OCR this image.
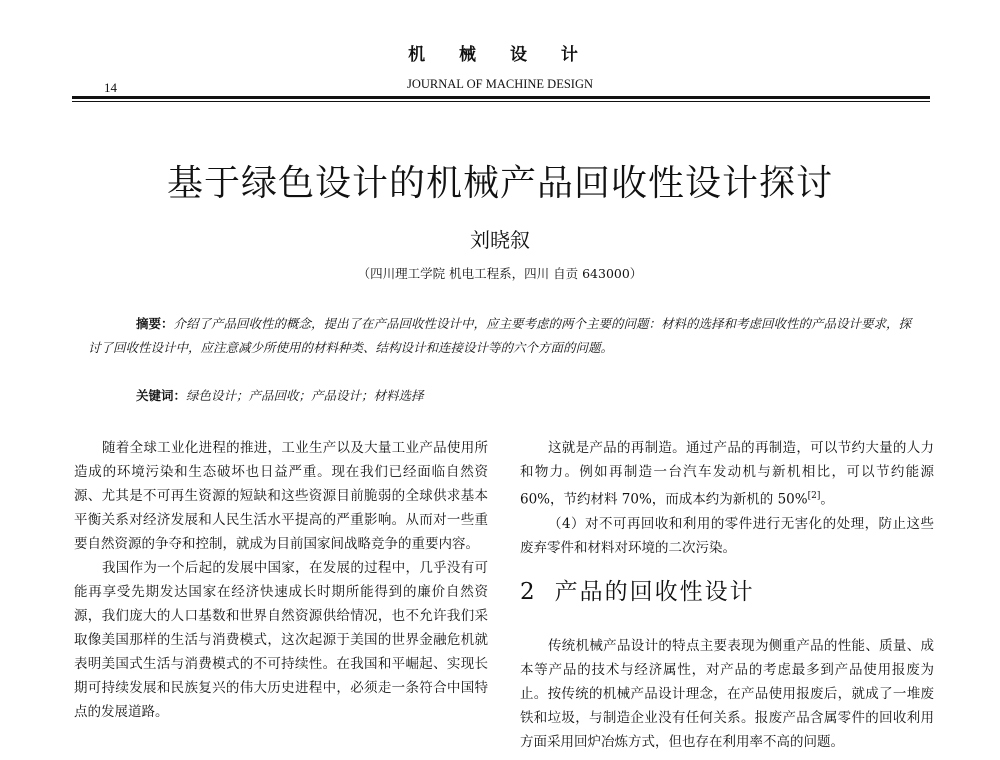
机 械 设 计
14	JOURNAL OF MACHINE DESIGN
基于绿色设计的机械产品回收性设计探讨
刘晓叙
（四川理工学院 机电工程系，四川 自贡 643000）

摘要：介绍了产品回收性的概念，提出了在产品回收性设计中，应主要考虑的两个主要的问题：材料的选择和考虑回收性的产品设计要求，探讨了回收性设计中，应注意减少所使用的材料种类、结构设计和连接设计等的六个方面的问题。

关键词：绿色设计；产品回收；产品设计；材料选择

随着全球工业化进程的推进，工业生产以及大量工业产品使用所造成的环境污染和生态破坏也日益严重。现在我们已经面临自然资源、尤其是不可再生资源的短缺和这些资源目前脆弱的全球供求基本平衡关系对经济发展和人民生活水平提高的严重影响。从而对一些重要自然资源的争夺和控制，就成为目前国家间战略竞争的重要内容。

我国作为一个后起的发展中国家，在发展的过程中，几乎没有可能再享受先期发达国家在经济快速成长时期所能得到的廉价自然资源，我们庞大的人口基数和世界自然资源供给情况，也不允许我们采取像美国那样的生活与消费模式，这次起源于美国的世界金融危机就表明美国式生活与消费模式的不可持续性。在我国和平崛起、实现长期可持续发展和民族复兴的伟大历史进程中，必须走一条符合中国特点的发展道路。

这就是产品的再制造。通过产品的再制造，可以节约大量的人力和物力。例如再制造一台汽车发动机与新机相比，可以节约能源 60%，节约材料 70%，而成本约为新机的 50%[2]。

（4）对不可再回收和利用的零件进行无害化的处理，防止这些废弃零件和材料对环境的二次污染。

2 产品的回收性设计

传统机械产品设计的特点主要表现为侧重产品的性能、质量、成本等产品的技术与经济属性，对产品的考虑最多到产品使用报废为止。按传统的机械产品设计理念，在产品使用报废后，就成了一堆废铁和垃圾，与制造企业没有任何关系。报废产品含属零件的回收利用方面采用回炉冶炼方式，但也存在利用率不高的问题。
